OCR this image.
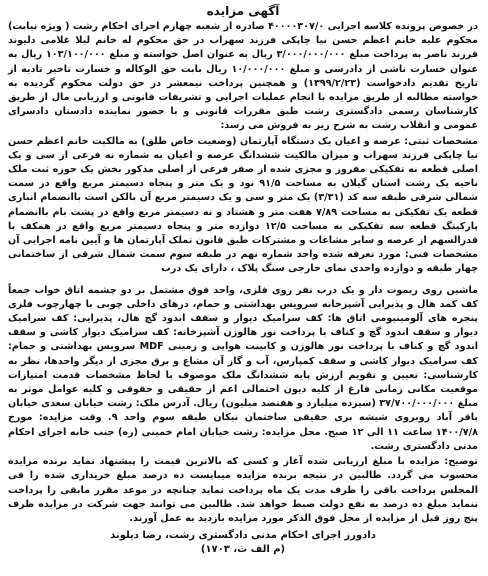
آگهی مزایده

در خصوص پرونده کلاسه اجرایی ۴۰۰۰۰۳۰۷/۰ صادره از شعبه چهارم اجرای احکام رشت ( ویژه نیابت) محکوم علیه خانم اعظم حسن نیا چاپکی فرزند سهراب در حق محکوم له خانم لیلا غلامی دلیوند فرزند ناصر به پرداخت مبلغ ۳/۰۰۰/۰۰۰/۰۰۰ ریال به عنوان اصل خواسته و مبلغ ۱۰۳/۱۰۰/۰۰۰ ریال به عنوان خسارت ناشی از دادرسی و مبلغ ۱۰/۰۰۰/۰۰۰ ریال بابت حق الوکاله و خسارت تاخیر تادیه از تاریخ تقدیم دادخواست (۱۳۹۹/۲/۲۳) و همچنین پرداخت نیمعشر در حق دولت محکوم گردیده به خواسته مطالبه از طریق مزایده با انجام عملیات اجرایی و تشریفات قانونی و ارزیابی مال از طریق کارشناسان رسمی دادگستری رشت طبق مقررات قانونی و با حضور نماینده دادستان دادسرای عمومی و انقلاب رشت به شرح زیر به فروش می رسد:

مشخصات ثبتی: عرصه و اعیان یک دستگاه آپارتمان (وضعیت خاص طلق) به مالکیت خانم اعظم حسن نیا چاپکی فرزند سهراب و میزان مالکیت ششدانگ عرصه و اعیان به شماره نه فرعی از سی و یک اصلی قطعه نه تفکیکی مفروز و مجزی شده از صفر فرعی از اصلی مذکور بخش یک حوزه ثبت ملک ناحیه یک رشت استان گیلان به مساحت ۹۱/۵ نود و یک متر و پنجاه دسیمتر مربع واقع در سمت شمالی شرقی طبقه سه کد (۳/۳۱) یک متر و سی و یک دسیمتر مربع آن بالکن است باانضمام انباری قطعه یک تفکیکی به مساحت ۷/۸۹ هفت متر و هشتاد و نه دسیمتر مربع واقع در پشت بام باانضمام پارکینگ قطعه سه تفکیکی به مساحت ۱۲/۵ دوازده متر و پنجاه دسیمتر مربع واقع در همکف با قدرالسهم از عرصه و سایر مشاعات و مشترکات طبق قانون تملک آپارتمان ها و آیین نامه اجرایی آن مشخصات فنی: مورد تعرفه شده واحد شماره نهم در طبقه سوم سمت شمال شرقی از ساختمانی چهار طبقه و دوازده واحدی نمای خارجی سنگ پلاک ، دارای یک درب

ماشین روی ریموت دار و یک درب نفر روی فلزی، واحد فوق مشتمل بر دو چشمه اتاق خواب جمعاً کف کمد هال و پذیرایی آشپزخانه سرویس بهداشتی و حمام، درهای داخلی چوبی با چهارچوب فلزی پنجره های آلومینیومی اتاق ها: کف سرامیک دیوار و سقف اندود گچ هال، پذیرایی: کف سرامیک دیوار و سقف اندود گچ و کناف با پرداخت نور هالوژن آشپزخانه: کف سرامیک دیوار کاشی و سقف اندود گچ و کناف با پرداخت نور هالوژن و کابینت هوایی و زمینی MDF سرویس بهداشتی و حمام: کف سرامیک دیوار کاشی و سقف کمپارس، آب و گاز آن مشاع و برق مجزی از دیگر واحدها، نظر به کارشناسی: تعیین و تقویم ارزش پایه ششدانگ ملک موصوف با لحاظ مشخصات قدمت امتیازات موقعیت مکانی زمانی فارغ از کلیه دیون احتمالی اعم از حقیقی و حقوقی و کلیه عوامل موثر به مبلغ ۳۷/۷۰۰/۰۰۰/۰۰۰ (سیزده میلیارد و هفتصد میلیون) ریال. آدرس ملک: رشت خیابان سعدی خیابان باقر آباد روبروی شیشه بری حقیقی ساختمان نیکان طبقه سوم واحد ۹. وقت مزایده: مورخ ۱۴۰۰/۷/۸ ساعت ۱۱ الی ۱۲ صبح. محل مزایده: رشت خیابان امام خمینی (ره) جنب خانه اجرای احکام مدنی دادگستری رشت.

توضیح: مزایده با مبلغ ارزیابی شده آغاز و کسی که بالاترین قیمت را پیشنهاد نماید برنده مزایده محسوب می گردد. طالبین در نتیجه برنده مزایده میبایست ده درصد مبلغ خریداری شده را فی المجلس پرداخت باقی را ظرف مدت یک ماه پرداخت نماید چنانچه در موعد مقرر مابقی را پرداخت ننماید مبلغ ده درصد به نفع دولت ضبط خواهد شد. طالبین می توانند جهت شرکت در مزایده ظرف پنج روز قبل از مزایده از محل فوق الذکر مورد مزایده بازدید به عمل آورند.

دادورز اجرای احکام مدنی دادگستری رشت، رضا دیلوند
(م الف ث، ۱۷۰۳)
